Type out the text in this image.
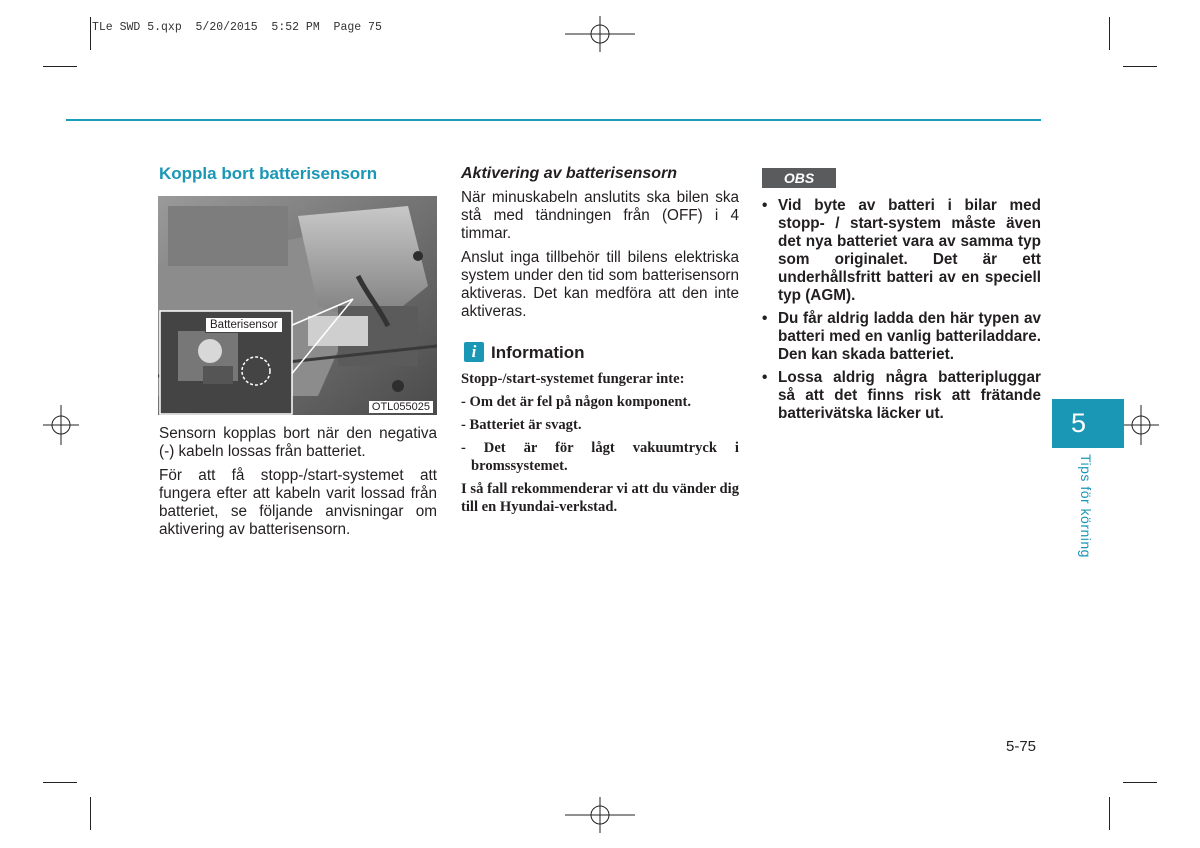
TLe SWD 5.qxp  5/20/2015  5:52 PM  Page 75
Koppla bort batterisensorn
OTL055025
Batterisensor

Sensorn kopplas bort när den negativa (-) kabeln lossas från batteriet.

För att få stopp-/start-systemet att fungera efter att kabeln varit lossad från batteriet, se följande anvisningar om aktivering av batterisensorn.

Aktivering av batterisensorn

När minuskabeln anslutits ska bilen ska stå med tändningen från (OFF) i 4 timmar.

Anslut inga tillbehör till bilens elektriska system under den tid som batterisensorn aktiveras. Det kan medföra att den inte aktiveras.

i Information
Stopp-/start-systemet fungerar inte:
- Om det är fel på någon komponent.
- Batteriet är svagt.
- Det är för lågt vakuumtryck i bromssystemet.
I så fall rekommenderar vi att du vänder dig till en Hyundai-verkstad.
OBS
• Vid byte av batteri i bilar med stopp- / start-system måste även det nya batteriet vara av samma typ som originalet. Det är ett underhållsfritt batteri av en speciell typ (AGM).
• Du får aldrig ladda den här typen av batteri med en vanlig batteriladdare. Den kan skada batteriet.
• Lossa aldrig några batteripluggar så att det finns risk att frätande batterivätska läcker ut.	5
Tips för körning
5-75
